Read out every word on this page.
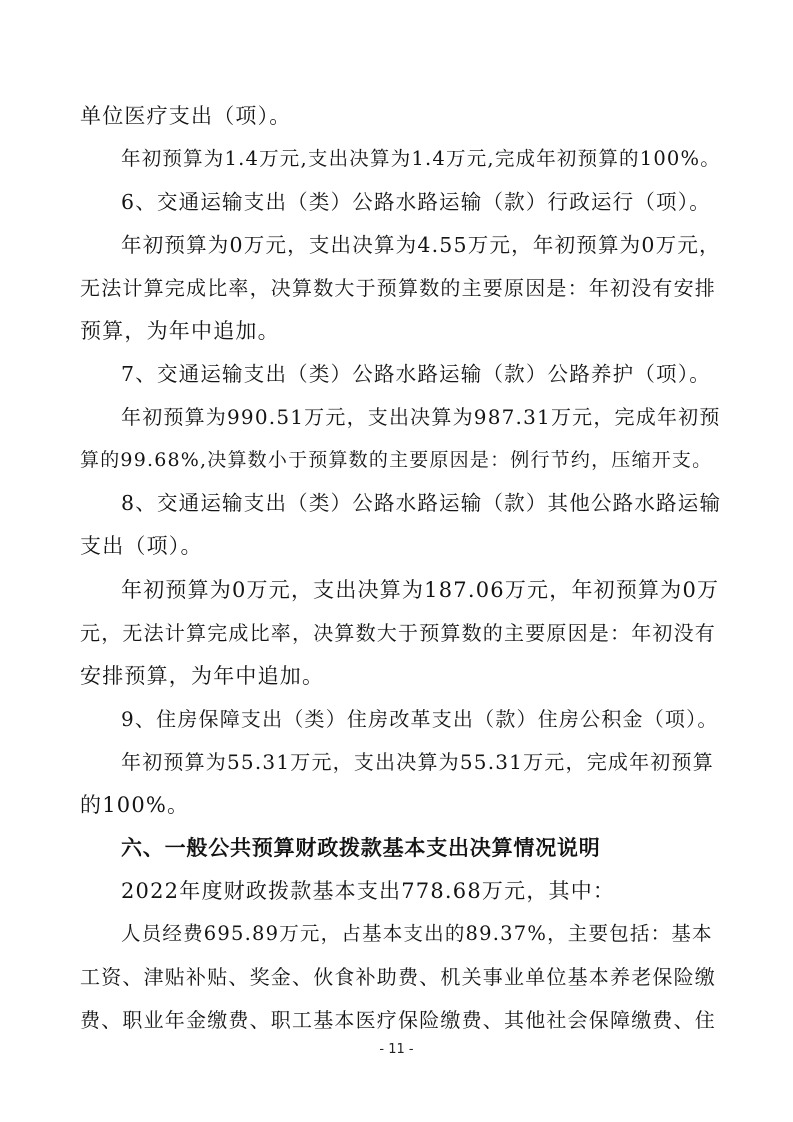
单位医疗支出（项）。
年初预算为1.4万元,支出决算为1.4万元,完成年初预算的100%。
6、交通运输支出（类）公路水路运输（款）行政运行（项）。
年初预算为0万元，支出决算为4.55万元，年初预算为0万元，
无法计算完成比率，决算数大于预算数的主要原因是：年初没有安排
预算，为年中追加。
7、交通运输支出（类）公路水路运输（款）公路养护（项）。
年初预算为990.51万元，支出决算为987.31万元，完成年初预
算的99.68%,决算数小于预算数的主要原因是：例行节约，压缩开支。
8、交通运输支出（类）公路水路运输（款）其他公路水路运输
支出（项）。
年初预算为0万元，支出决算为187.06万元，年初预算为0万
元，无法计算完成比率，决算数大于预算数的主要原因是：年初没有
安排预算，为年中追加。
9、住房保障支出（类）住房改革支出（款）住房公积金（项）。
年初预算为55.31万元，支出决算为55.31万元，完成年初预算
的100%。
六、一般公共预算财政拨款基本支出决算情况说明
2022年度财政拨款基本支出778.68万元，其中：
人员经费695.89万元，占基本支出的89.37%，主要包括：基本
工资、津贴补贴、奖金、伙食补助费、机关事业单位基本养老保险缴
费、职业年金缴费、职工基本医疗保险缴费、其他社会保障缴费、住
- 11 -
